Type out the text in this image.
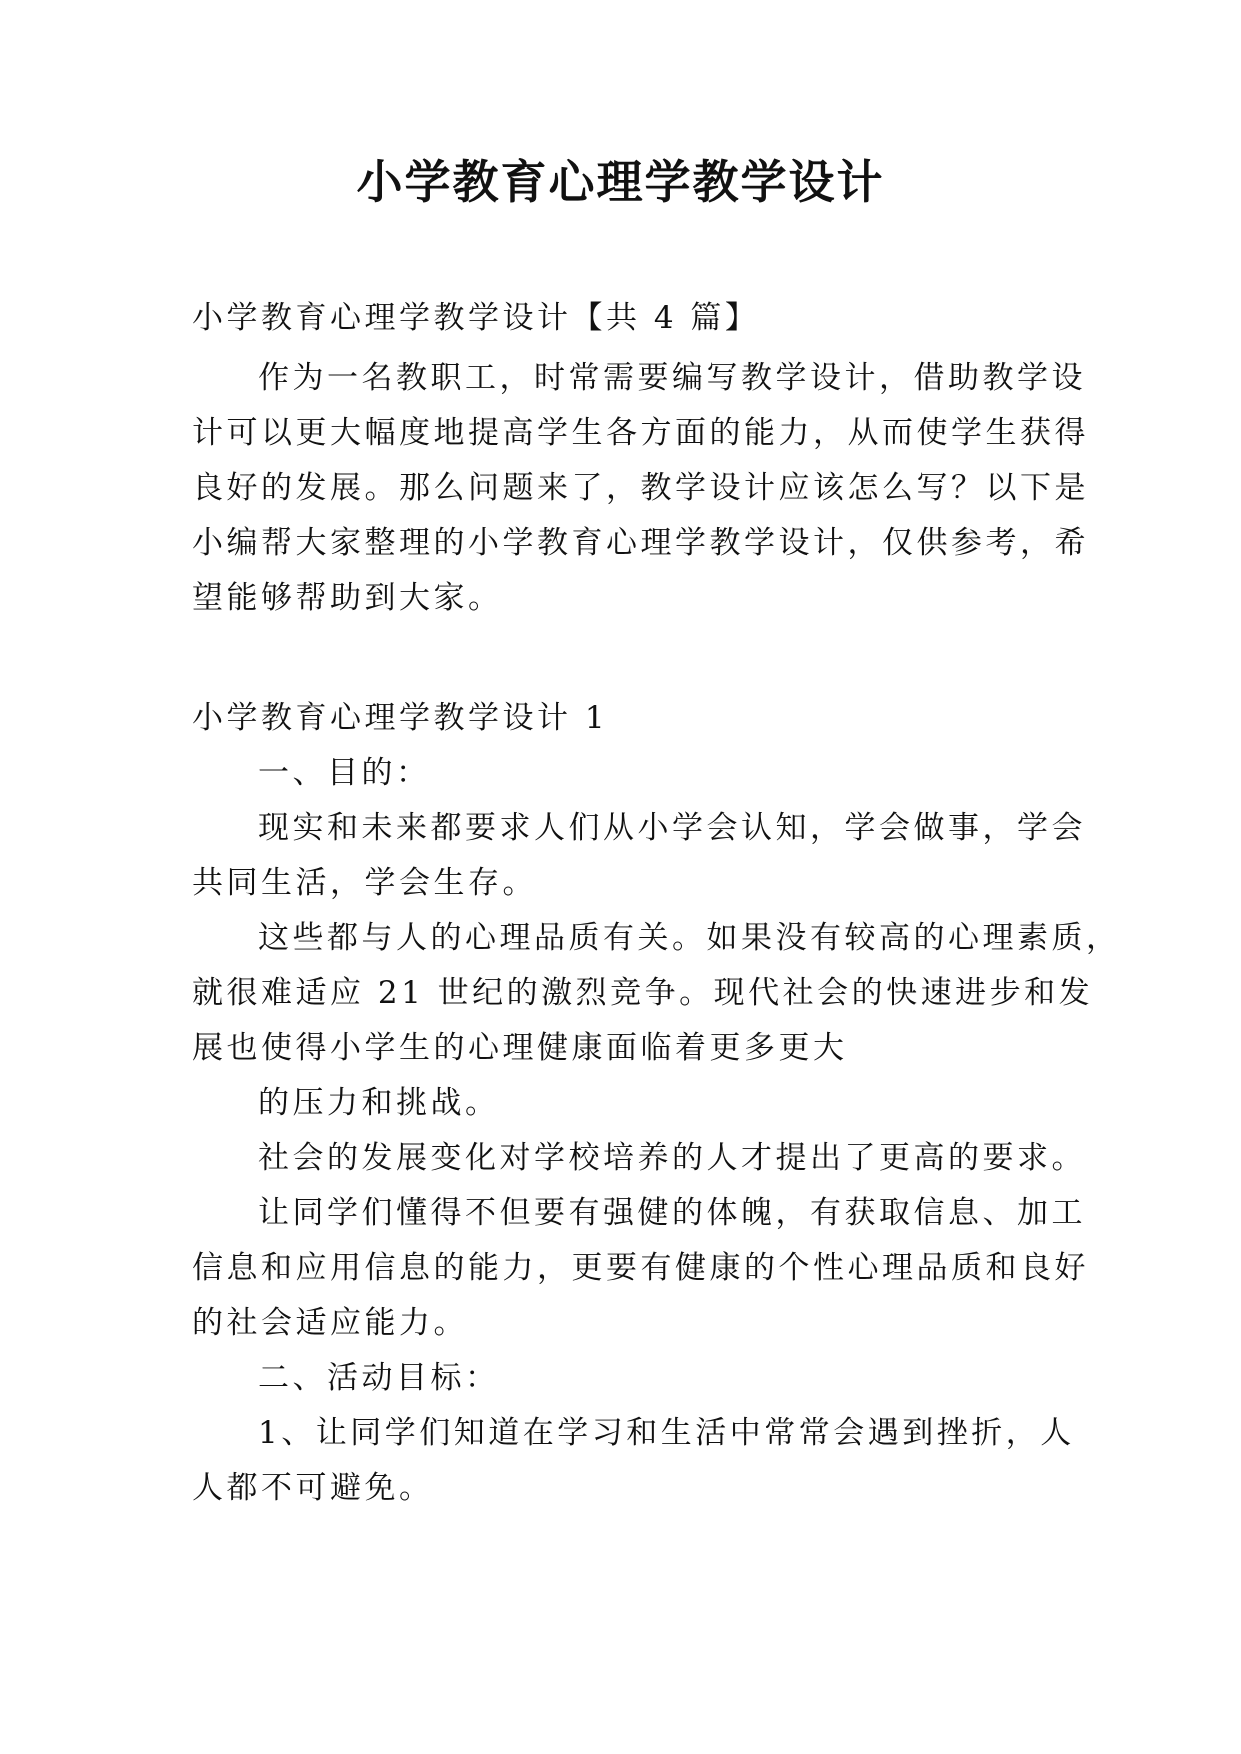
小学教育心理学教学设计

小学教育心理学教学设计【共 4 篇】

作为一名教职工，时常需要编写教学设计，借助教学设

计可以更大幅度地提高学生各方面的能力，从而使学生获得

良好的发展。那么问题来了，教学设计应该怎么写？以下是

小编帮大家整理的小学教育心理学教学设计，仅供参考，希

望能够帮助到大家。

小学教育心理学教学设计 1

一、目的：

现实和未来都要求人们从小学会认知，学会做事，学会

共同生活，学会生存。

这些都与人的心理品质有关。如果没有较高的心理素质，

就很难适应 21 世纪的激烈竞争。现代社会的快速进步和发

展也使得小学生的心理健康面临着更多更大

的压力和挑战。

社会的发展变化对学校培养的人才提出了更高的要求。

让同学们懂得不但要有强健的体魄，有获取信息、加工

信息和应用信息的能力，更要有健康的个性心理品质和良好

的社会适应能力。

二、活动目标：

1、让同学们知道在学习和生活中常常会遇到挫折，人

人都不可避免。
